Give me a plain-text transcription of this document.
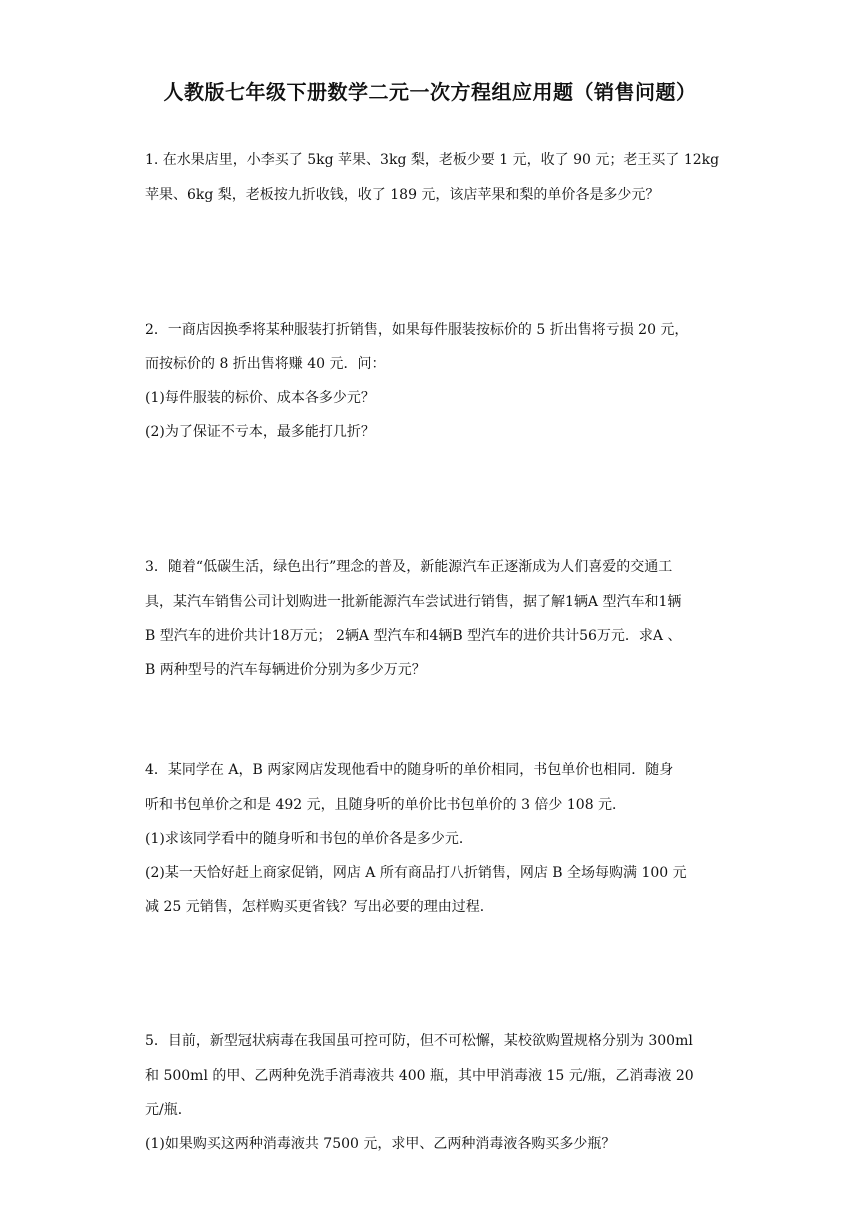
人教版七年级下册数学二元一次方程组应用题（销售问题）
1. 在水果店里，小李买了 5kg 苹果、3kg 梨，老板少要 1 元，收了 90 元；老王买了 12kg
苹果、6kg 梨，老板按九折收钱，收了 189 元，该店苹果和梨的单价各是多少元？
2．一商店因换季将某种服装打折销售，如果每件服装按标价的 5 折出售将亏损 20 元，
而按标价的 8 折出售将赚 40 元．问：
(1)每件服装的标价、成本各多少元？
(2)为了保证不亏本，最多能打几折？
3．随着“低碳生活，绿色出行”理念的普及，新能源汽车正逐渐成为人们喜爱的交通工
具，某汽车销售公司计划购进一批新能源汽车尝试进行销售，据了解1辆A 型汽车和1辆
B 型汽车的进价共计18万元； 2辆A 型汽车和4辆B 型汽车的进价共计56万元．求A 、
B 两种型号的汽车每辆进价分别为多少万元？
4．某同学在 A，B 两家网店发现他看中的随身听的单价相同，书包单价也相同．随身
听和书包单价之和是 492 元，且随身听的单价比书包单价的 3 倍少 108 元．
(1)求该同学看中的随身听和书包的单价各是多少元．
(2)某一天恰好赶上商家促销，网店 A 所有商品打八折销售，网店 B 全场每购满 100 元
减 25 元销售，怎样购买更省钱？写出必要的理由过程．
5．目前，新型冠状病毒在我国虽可控可防，但不可松懈，某校欲购置规格分别为 300ml
和 500ml 的甲、乙两种免洗手消毒液共 400 瓶，其中甲消毒液 15 元/瓶，乙消毒液 20
元/瓶．
(1)如果购买这两种消毒液共 7500 元，求甲、乙两种消毒液各购买多少瓶？
